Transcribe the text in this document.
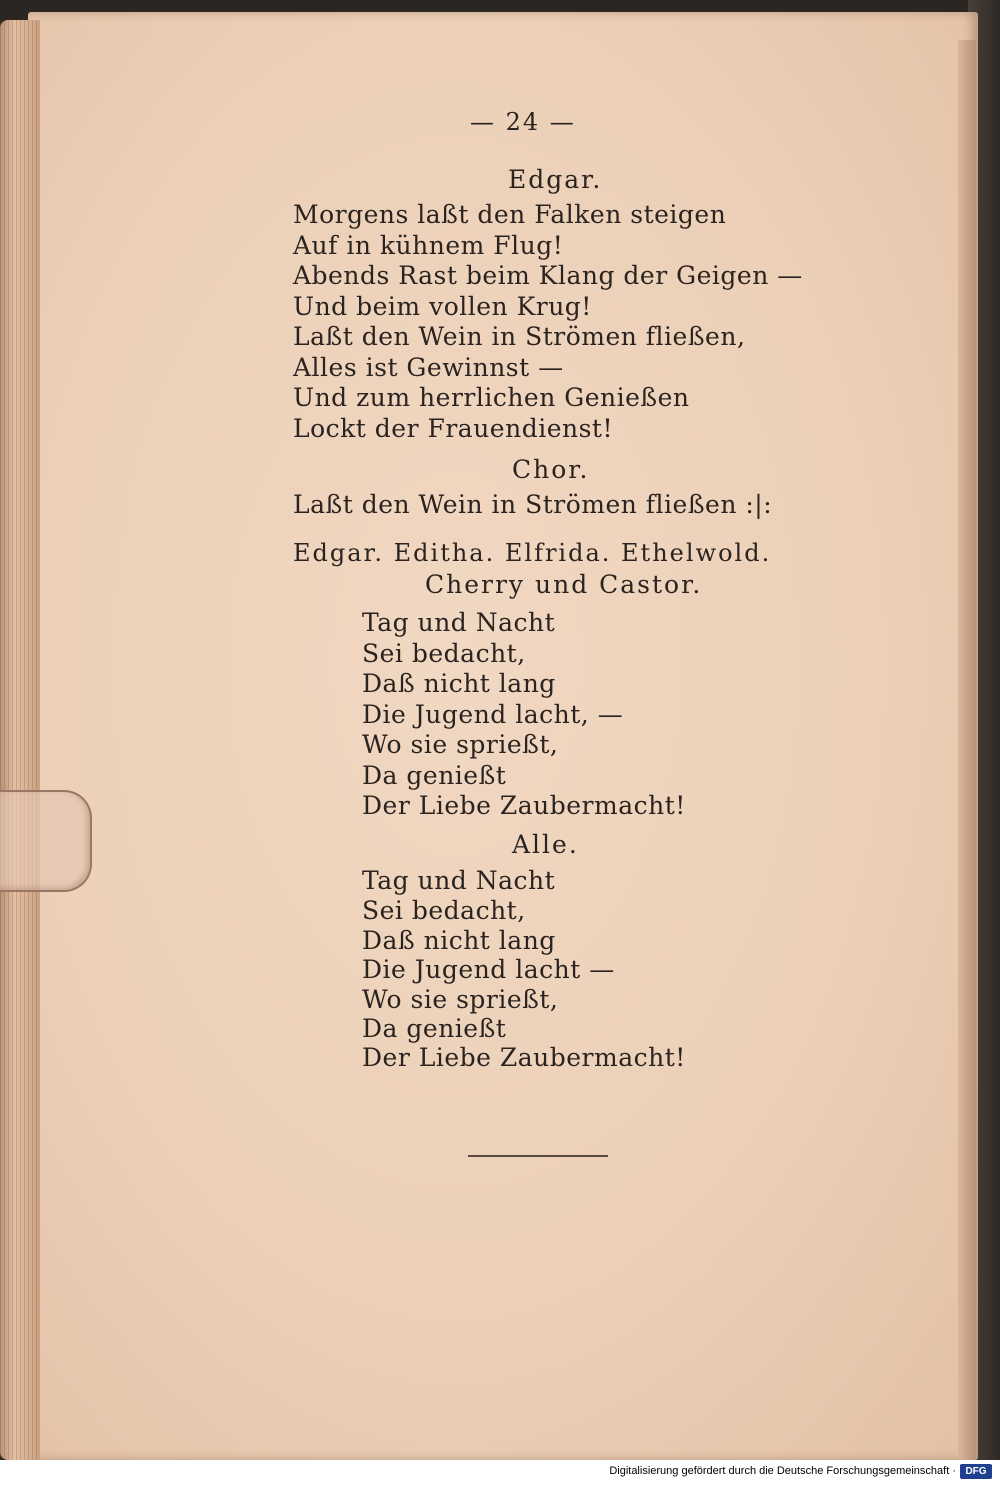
— 24 —
Edgar.
Morgens laßt den Falken steigen
Auf in kühnem Flug!
Abends Rast beim Klang der Geigen —
Und beim vollen Krug!
Laßt den Wein in Strömen fließen,
Alles ist Gewinnst —
Und zum herrlichen Genießen
Lockt der Frauendienst!
Chor.
Laßt den Wein in Strömen fließen :|:
Edgar. Editha. Elfrida. Ethelwold.
Cherry und Castor.
Tag und Nacht
Sei bedacht,
Daß nicht lang
Die Jugend lacht, —
Wo sie sprießt,
Da genießt
Der Liebe Zaubermacht!
Alle.
Tag und Nacht
Sei bedacht,
Daß nicht lang
Die Jugend lacht —
Wo sie sprießt,
Da genießt
Der Liebe Zaubermacht!
Digitalisierung gefördert durch die Deutsche Forschungsgemeinschaft · DFG
